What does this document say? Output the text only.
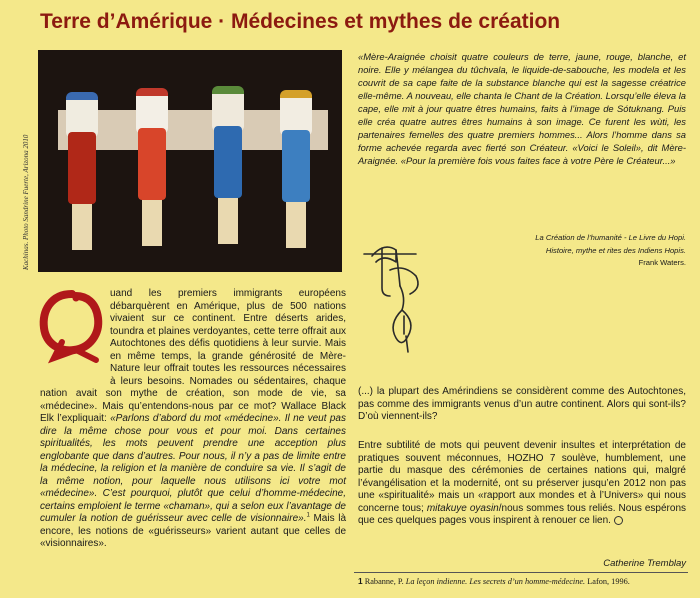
Terre d’Amérique · Médecines et mythes de création
Kachinas. Photo Sandrine Fuerte, Arizona 2010
«Mère-Araignée choisit quatre couleurs de terre, jaune, rouge, blanche, et noire. Elle y mélangea du tûchvala, le liquide-de-sabouche, les modela et les couvrit de sa cape faite de la substance blanche qui est la sagesse créatrice elle-même. A nouveau, elle chanta le Chant de la Création. Lorsqu’elle éleva la cape, elle mit à jour quatre êtres humains, faits à l’image de Sótuknang. Puis elle créa quatre autres êtres humains à son image. Ce furent les wùti, les partenaires femelles des quatre premiers hommes... Alors l’homme dans sa forme achevée regarda avec fierté son Créateur. «Voici le Soleil», dit Mère-Araignée. «Pour la première fois vous faites face à votre Père le Créateur...»
La Création de l’humanité - Le Livre du Hopi.
Histoire, mythe et rites des Indiens Hopis.
Frank Waters.

uand les premiers immigrants européens débarquèrent en Amérique, plus de 500 nations vivaient sur ce continent. Entre déserts arides, toundra et plaines verdoyantes, cette terre offrait aux Autochtones des défis quotidiens à leur survie. Mais en même temps, la grande générosité de Mère-Nature leur offrait toutes les ressources nécessaires à leurs besoins. Nomades ou sédentaires, chaque nation avait son mythe de création, son mode de vie, sa «médecine». Mais qu’entendons-nous par ce mot? Wallace Black Elk l’expliquait: «Parlons d’abord du mot «médecine». Il ne veut pas dire la même chose pour vous et pour moi. Dans certaines spiritualités, les mots peuvent prendre une acception plus englobante que dans d’autres. Pour nous, il n’y a pas de limite entre la médecine, la religion et la manière de conduire sa vie. Il s’agit de la même notion, pour laquelle nous utilisons ici votre mot «médecine». C’est pourquoi, plutôt que celui d’homme-médecine, certains emploient le terme «chaman», qui a selon eux l’avantage de cumuler la notion de guérisseur avec celle de visionnaire».$^1$ Mais là encore, les notions de «guérisseurs» varient autant que celles de «visionnaires».

(...) la plupart des Amérindiens se considèrent comme des Autochtones, pas comme des immigrants venus d’un autre continent. Alors qui sont-ils? D’où viennent-ils?
Entre subtilité de mots qui peuvent devenir insultes et interprétation de pratiques souvent méconnues, HOZHO 7 soulève, humblement, une partie du masque des cérémonies de certaines nations qui, malgré l’évangélisation et la modernité, ont su préserver jusqu’en 2012 non pas une «spiritualité» mais un «rapport aux mondes et à l’Univers» qui nous concerne tous; mitakuye oyasin/nous sommes tous reliés. Nous espérons que ces quelques pages vous inspirent à renouer ce lien.
Catherine Tremblay
1 Rabanne, P. La leçon indienne. Les secrets d’un homme-médecine. Lafon, 1996.
